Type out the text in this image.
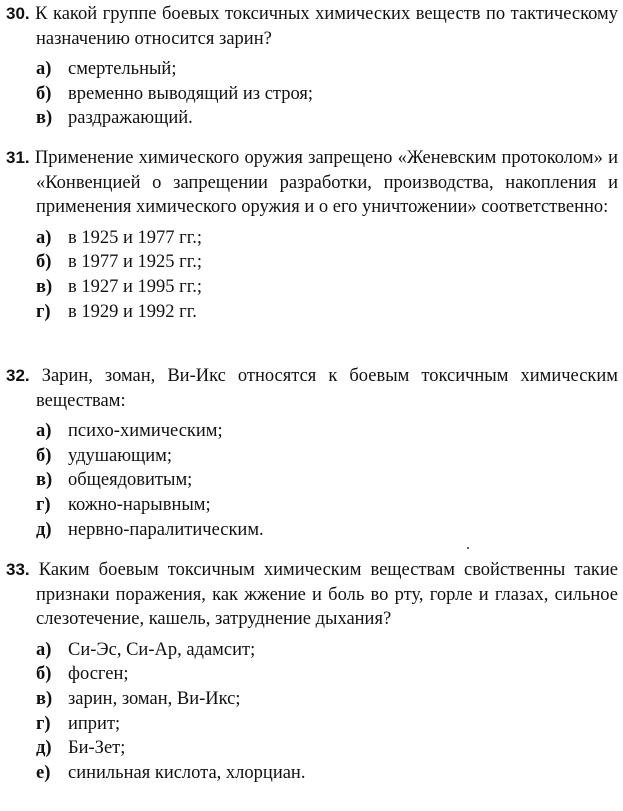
30. К какой группе боевых токсичных химических веществ по тактическому назначению относится зарин?

а) смертельный;
б) временно выводящий из строя;
в) раздражающий.

31. Применение химического оружия запрещено «Женевским протоколом» и «Конвенцией о запрещении разработки, производства, накопления и применения химического оружия и о его уничтожении» соответственно:

а) в 1925 и 1977 гг.;
б) в 1977 и 1925 гг.;
в) в 1927 и 1995 гг.;
г) в 1929 и 1992 гг.

32. Зарин, зоман, Ви-Икс относятся к боевым токсичным химическим веществам:

а) психо-химическим;
б) удушающим;
в) общеядовитым;
г) кожно-нарывным;
д) нервно-паралитическим.

33. Каким боевым токсичным химическим веществам свойственны такие признаки поражения, как жжение и боль во рту, горле и глазах, сильное слезотечение, кашель, затруднение дыхания?

а) Си-Эс, Си-Ар, адамсит;
б) фосген;
в) зарин, зоман, Ви-Икс;
г) иприт;
д) Би-Зет;
е) синильная кислота, хлорциан.
